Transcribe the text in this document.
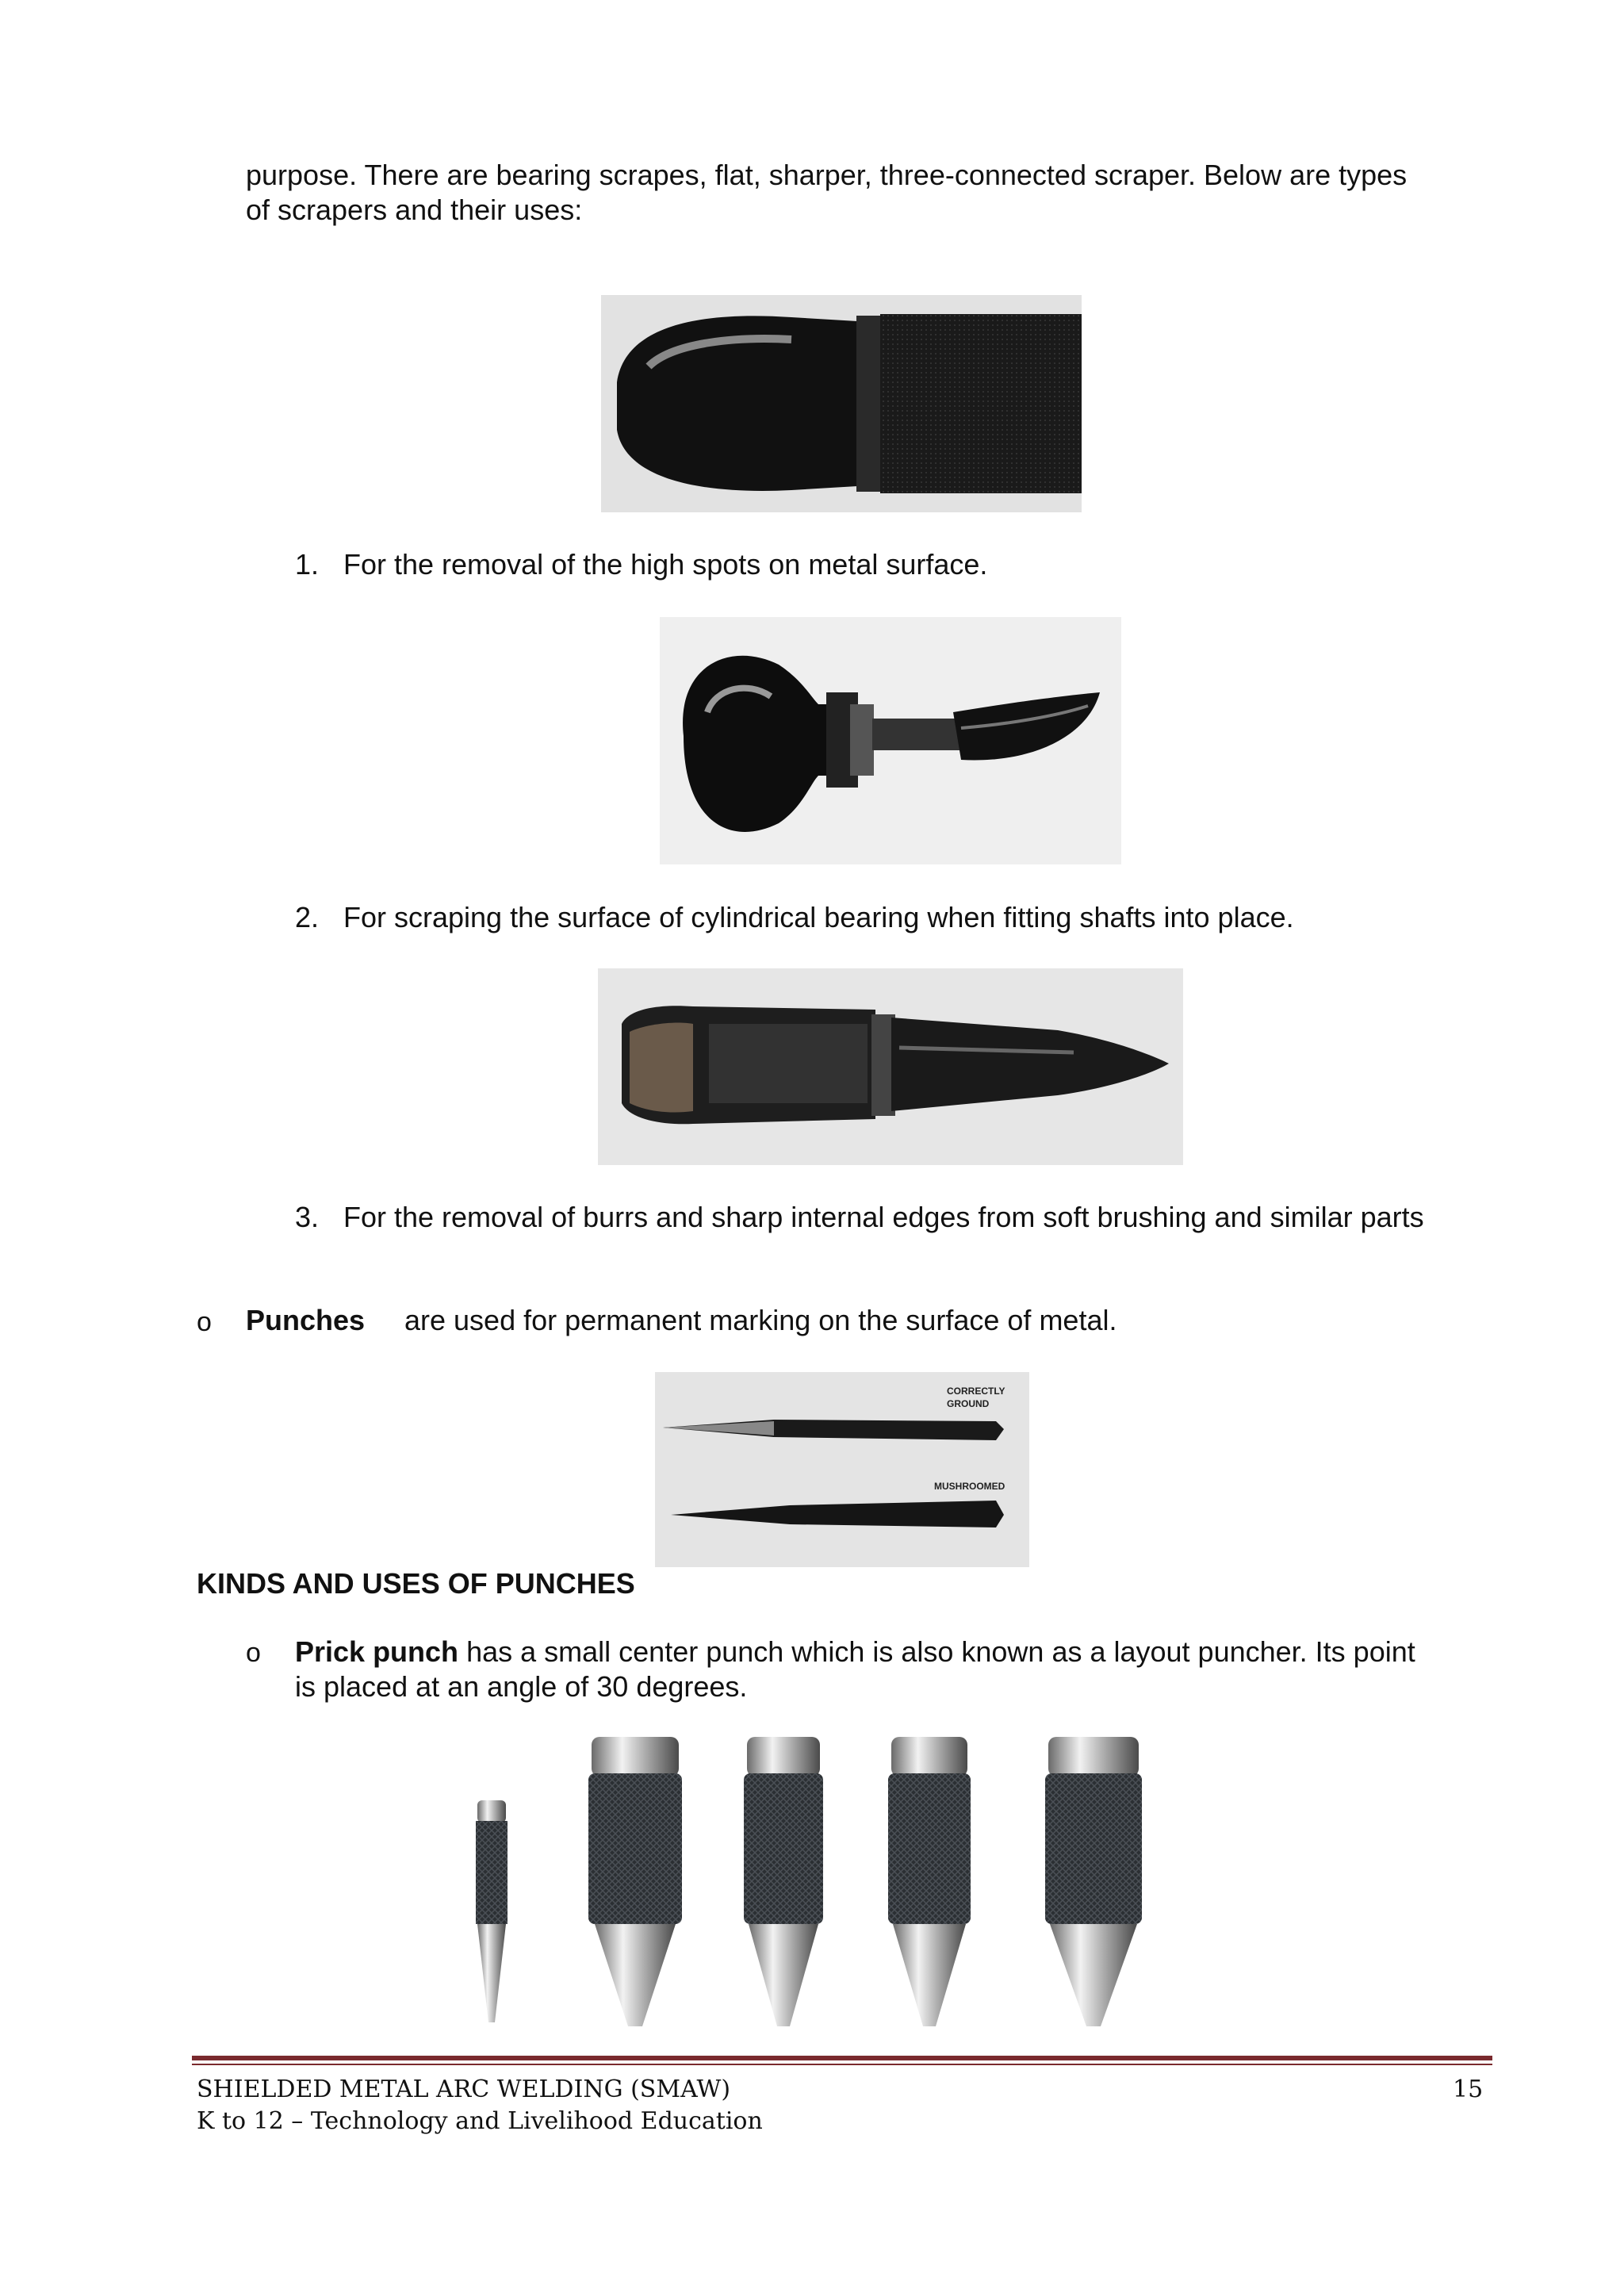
purpose. There are bearing scrapes, flat, sharper, three-connected scraper. Below are types
of scrapers and their uses:
1. For the removal of the high spots on metal surface.
2. For scraping the surface of cylindrical bearing when fitting shafts into place.
3. For the removal of burrs and sharp internal edges from soft brushing and similar parts
o Punches are used for permanent marking on the surface of metal.
CORRECTLY
GROUND
MUSHROOMED
KINDS AND USES OF PUNCHES
o Prick punch has a small center punch which is also known as a layout puncher. Its point
is placed at an angle of 30 degrees.
SHIELDED METAL ARC WELDING (SMAW)
K to 12 – Technology and Livelihood Education
15
